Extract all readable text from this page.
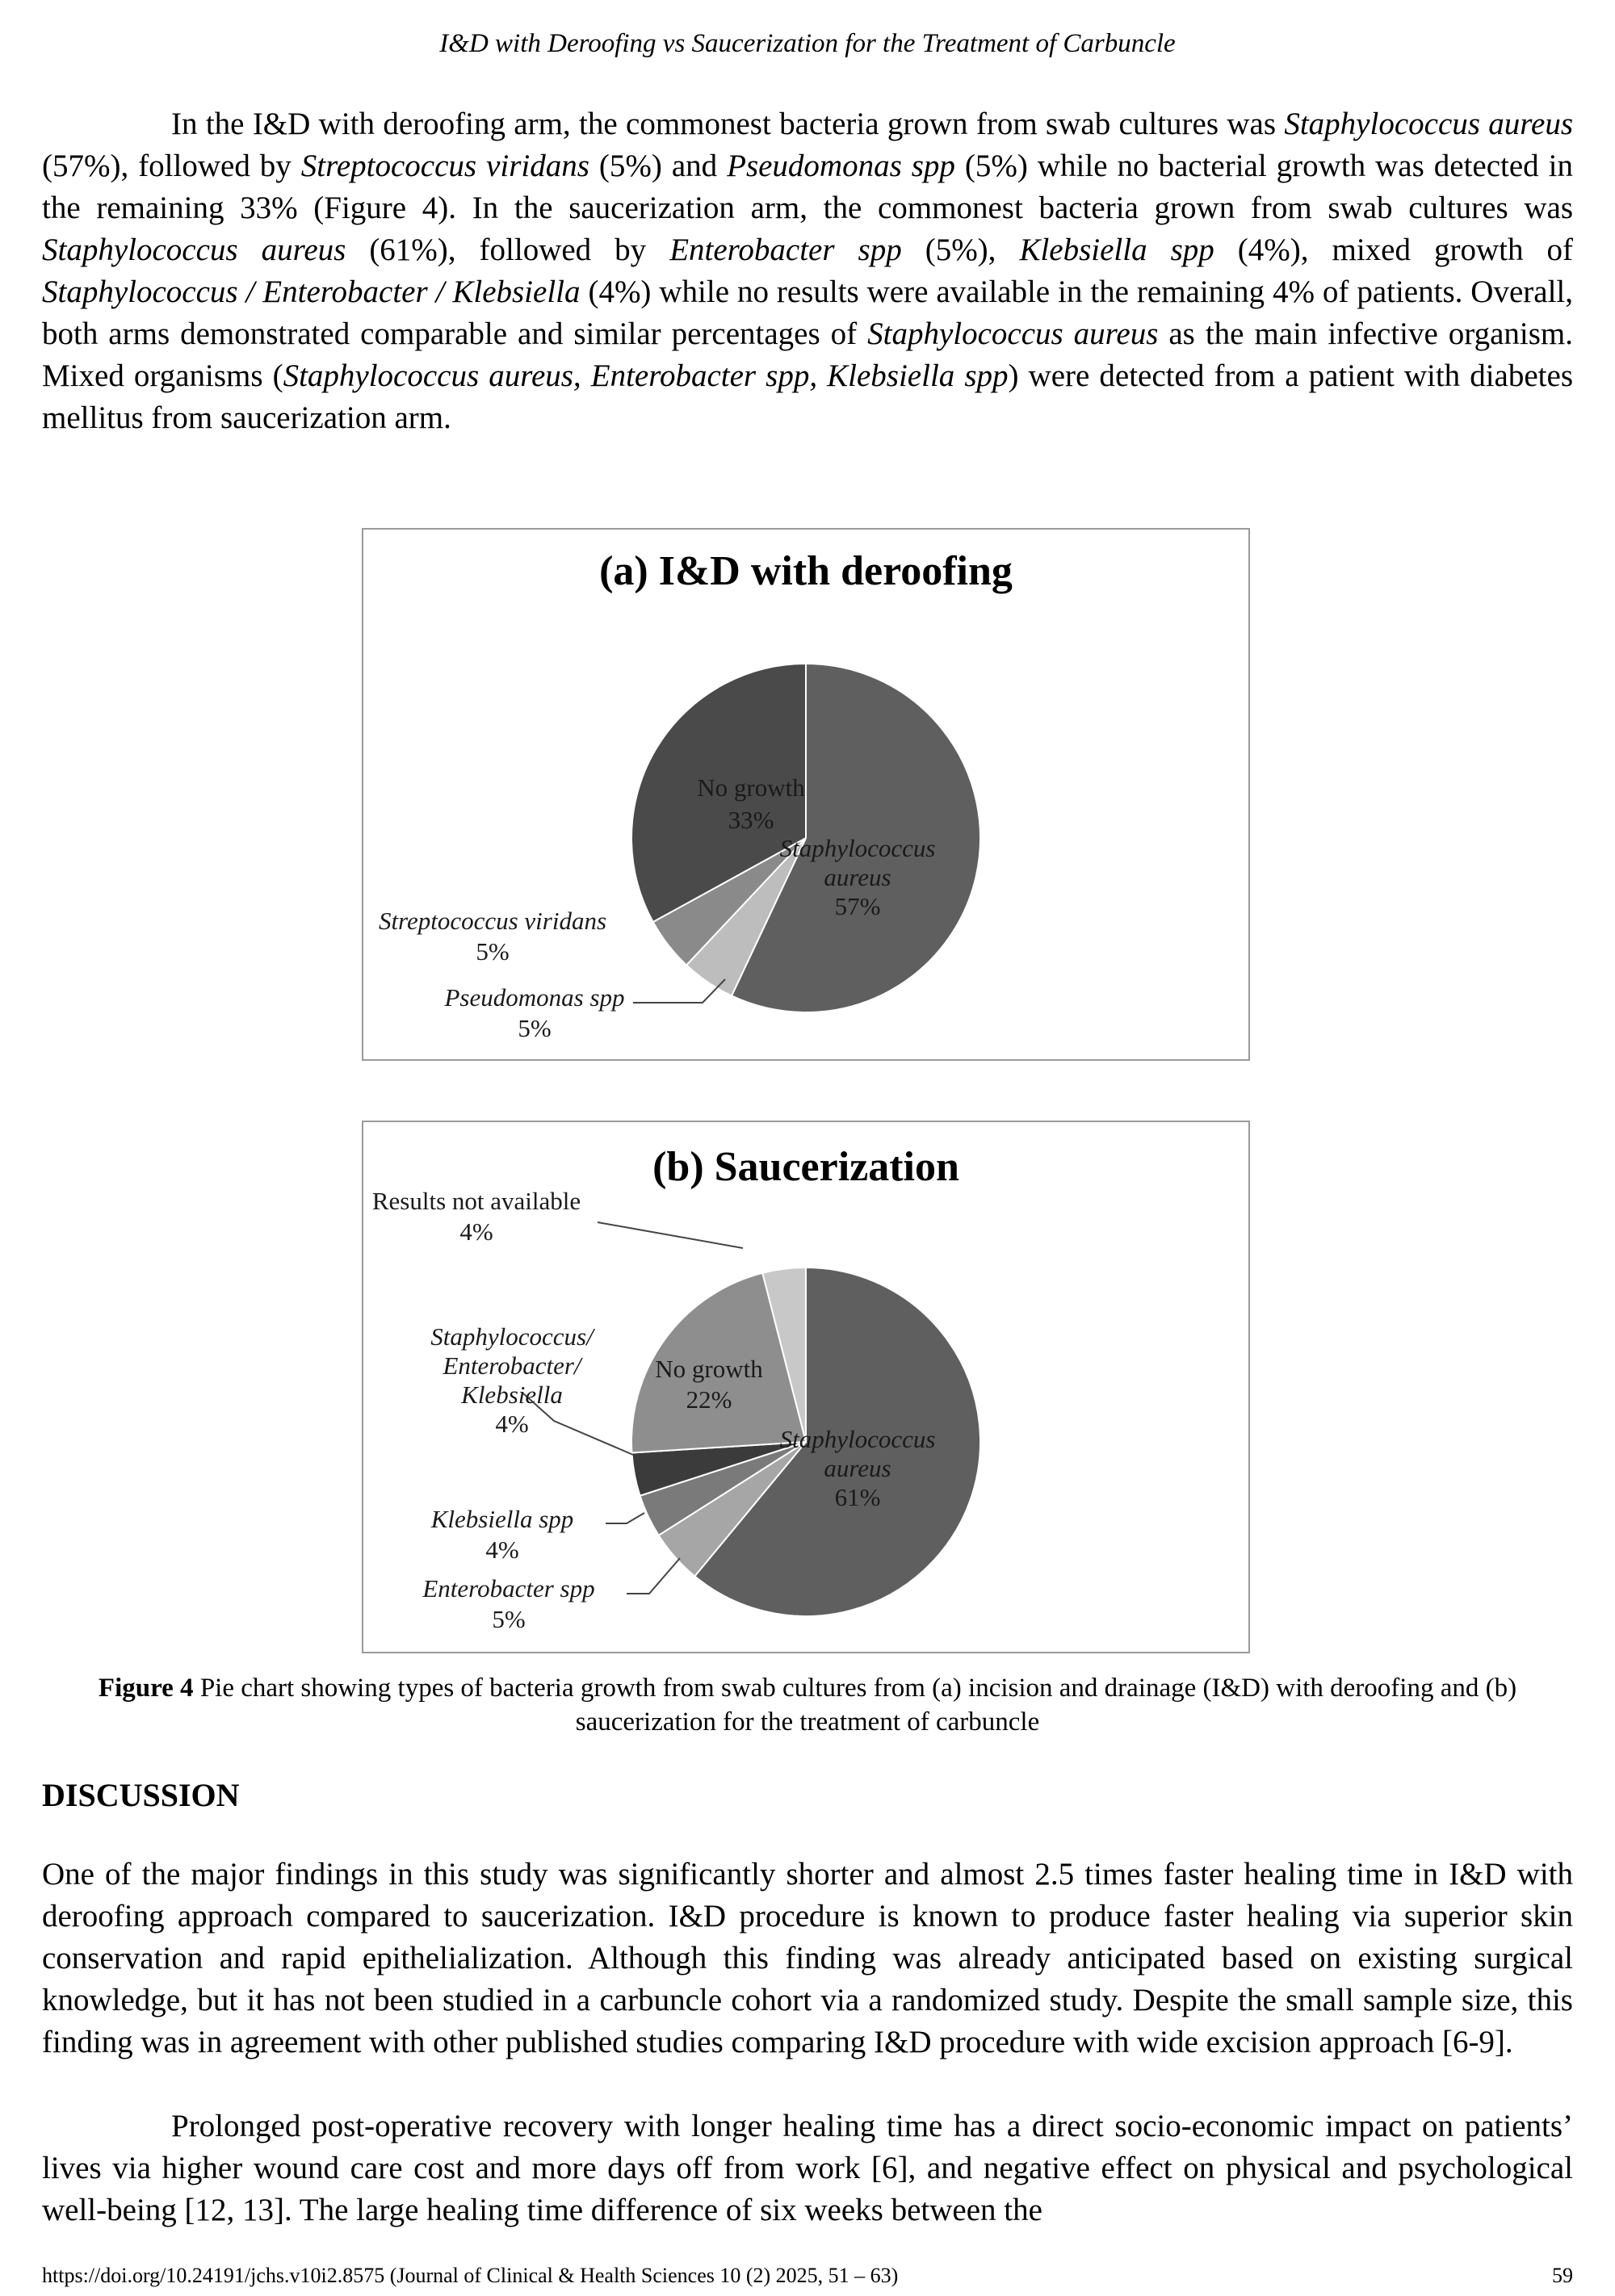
I&D with Deroofing vs Saucerization for the Treatment of Carbuncle

In the I&D with deroofing arm, the commonest bacteria grown from swab cultures was Staphylococcus aureus (57%), followed by Streptococcus viridans (5%) and Pseudomonas spp (5%) while no bacterial growth was detected in the remaining 33% (Figure 4). In the saucerization arm, the commonest bacteria grown from swab cultures was Staphylococcus aureus (61%), followed by Enterobacter spp (5%), Klebsiella spp (4%), mixed growth of Staphylococcus / Enterobacter / Klebsiella (4%) while no results were available in the remaining 4% of patients. Overall, both arms demonstrated comparable and similar percentages of Staphylococcus aureus as the main infective organism. Mixed organisms (Staphylococcus aureus, Enterobacter spp, Klebsiella spp) were detected from a patient with diabetes mellitus from saucerization arm.

(a) I&D with deroofing
Staphylococcus
aureus
57%
Pseudomonas spp
5%
Streptococcus viridans
5%
No growth
33%
(b) Saucerization
Staphylococcus
aureus
61%
Enterobacter spp
5%
Klebsiella spp
4%
Staphylococcus/
Enterobacter/
Klebsiella
4%
No growth
22%
Results not available
4%
Figure 4 Pie chart showing types of bacteria growth from swab cultures from (a) incision and drainage (I&D) with deroofing and (b) saucerization for the treatment of carbuncle
DISCUSSION

One of the major findings in this study was significantly shorter and almost 2.5 times faster healing time in I&D with deroofing approach compared to saucerization. I&D procedure is known to produce faster healing via superior skin conservation and rapid epithelialization. Although this finding was already anticipated based on existing surgical knowledge, but it has not been studied in a carbuncle cohort via a randomized study. Despite the small sample size, this finding was in agreement with other published studies comparing I&D procedure with wide excision approach [6-9].

Prolonged post-operative recovery with longer healing time has a direct socio-economic impact on patients’ lives via higher wound care cost and more days off from work [6], and negative effect on physical and psychological well-being [12, 13]. The large healing time difference of six weeks between the

https://doi.org/10.24191/jchs.v10i2.8575 (Journal of Clinical & Health Sciences 10 (2) 2025, 51 – 63)	59
